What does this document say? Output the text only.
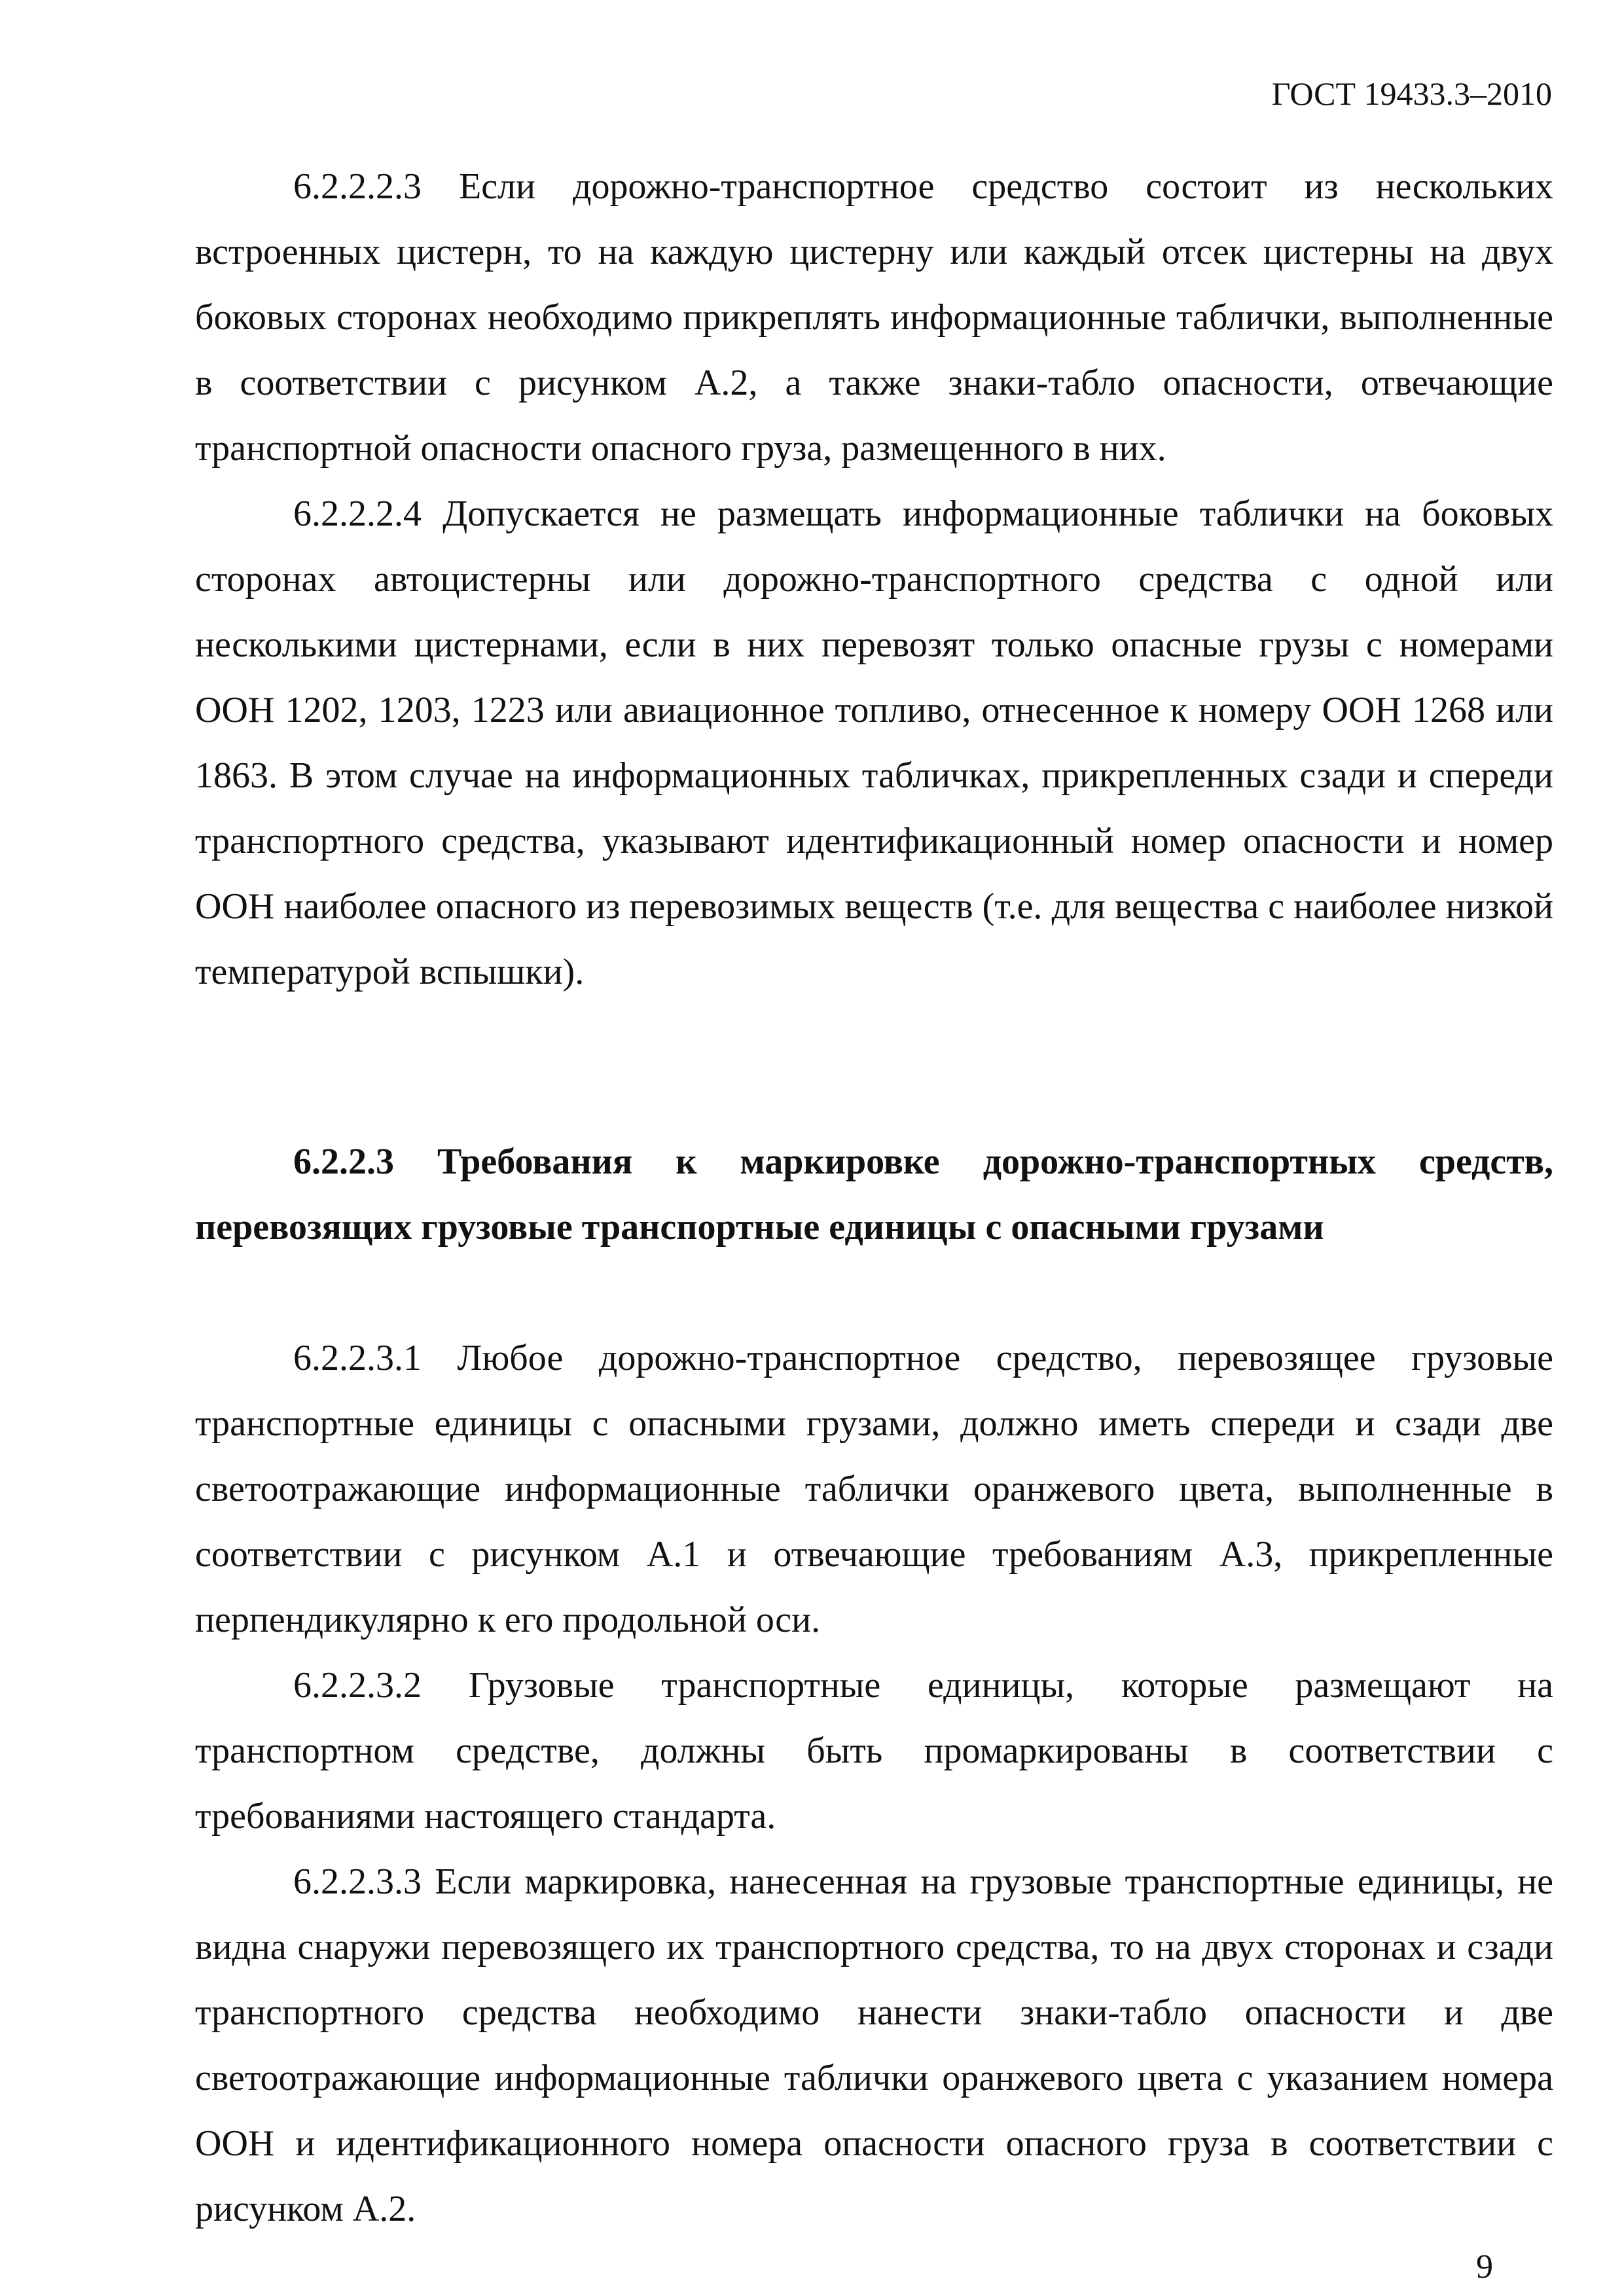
ГОСТ 19433.3–2010

6.2.2.2.3 Если дорожно-транспортное средство состоит из нескольких встроенных цистерн, то на каждую цистерну или каждый отсек цистерны на двух боковых сторонах необходимо прикреплять информационные таблички, выполненные в соответствии с рисунком А.2, а также знаки-табло опасности, отвечающие транспортной опасности опасного груза, размещенного в них.

6.2.2.2.4 Допускается не размещать информационные таблички на боковых сторонах автоцистерны или дорожно-транспортного средства с одной или несколькими цистернами, если в них перевозят только опасные грузы с номерами ООН 1202, 1203, 1223 или авиационное топливо, отнесенное к номеру ООН 1268 или 1863. В этом случае на информационных табличках, прикрепленных сзади и спереди транспортного средства, указывают идентификационный номер опасности и номер ООН наиболее опасного из перевозимых веществ (т.е. для вещества с наиболее низкой температурой вспышки).

6.2.2.3 Требования к маркировке дорожно-транспортных средств, перевозящих грузовые транспортные единицы с опасными грузами

6.2.2.3.1 Любое дорожно-транспортное средство, перевозящее грузовые транспортные единицы с опасными грузами, должно иметь спереди и сзади две светоотражающие информационные таблички оранжевого цвета, выполненные в соответствии с рисунком А.1 и отвечающие требованиям А.3, прикрепленные перпендикулярно к его продольной оси.

6.2.2.3.2 Грузовые транспортные единицы, которые размещают на транспортном средстве, должны быть промаркированы в соответствии с требованиями настоящего стандарта.

6.2.2.3.3 Если маркировка, нанесенная на грузовые транспортные единицы, не видна снаружи перевозящего их транспортного средства, то на двух сторонах и сзади транспортного средства необходимо нанести знаки-табло опасности и две светоотражающие информационные таблички оранжевого цвета с указанием номера ООН и идентификационного номера опасности опасного груза в соответствии с рисунком А.2.

9
